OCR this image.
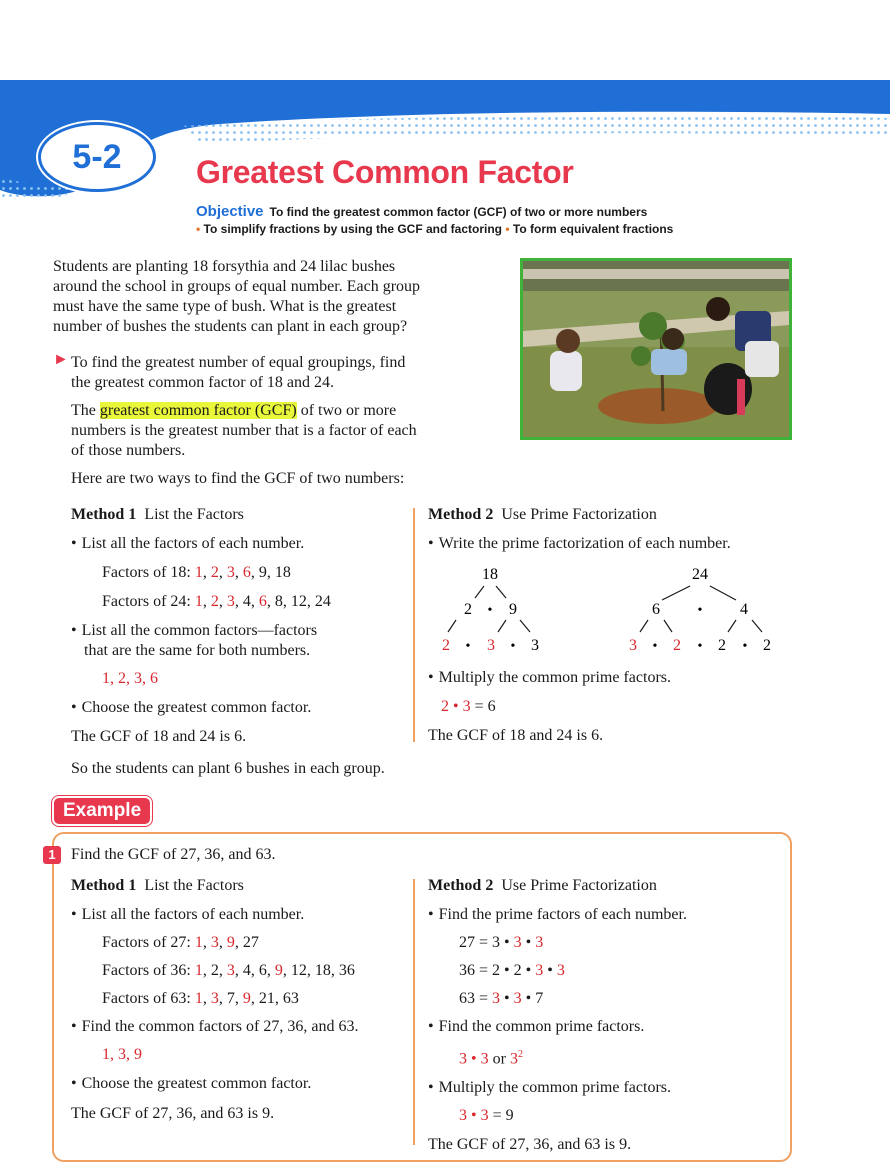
5-2 Greatest Common Factor
Objective To find the greatest common factor (GCF) of two or more numbers
• To simplify fractions by using the GCF and factoring • To form equivalent fractions
Students are planting 18 forsythia and 24 lilac bushes
around the school in groups of equal number. Each group
must have the same type of bush. What is the greatest
number of bushes the students can plant in each group?
► To find the greatest number of equal groupings, find
the greatest common factor of 18 and 24.
The greatest common factor (GCF) of two or more
numbers is the greatest number that is a factor of each
of those numbers.
Here are two ways to find the GCF of two numbers:
Method 1 List the Factors
• List all the factors of each number.
Factors of 18: 1, 2, 3, 6, 9, 18
Factors of 24: 1, 2, 3, 4, 6, 8, 12, 24
• List all the common factors—factors
that are the same for both numbers.
1, 2, 3, 6
• Choose the greatest common factor.
The GCF of 18 and 24 is 6.
Method 2 Use Prime Factorization
• Write the prime factorization of each number.
18
2 • 9
2 • 3 • 3
24
6	• 4
3 • 2 • 2 • 2
• Multiply the common prime factors.
2 • 3 = 6
The GCF of 18 and 24 is 6.
So the students can plant 6 bushes in each group.
Example
1 Find the GCF of 27, 36, and 63.
Method 1 List the Factors
• List all the factors of each number.
Factors of 27: 1, 3, 9, 27
Factors of 36: 1, 2, 3, 4, 6, 9, 12, 18, 36
Factors of 63: 1, 3, 7, 9, 21, 63
• Find the common factors of 27, 36, and 63.
1, 3, 9
• Choose the greatest common factor.
The GCF of 27, 36, and 63 is 9.
Method 2 Use Prime Factorization
• Find the prime factors of each number.
27 = 3 • 3 • 3
36 = 2 • 2 • 3 • 3
63 = 3 • 3 • 7
• Find the common prime factors.
3 • 3 or $3^2$
• Multiply the common prime factors.
3 • 3 = 9
The GCF of 27, 36, and 63 is 9.
